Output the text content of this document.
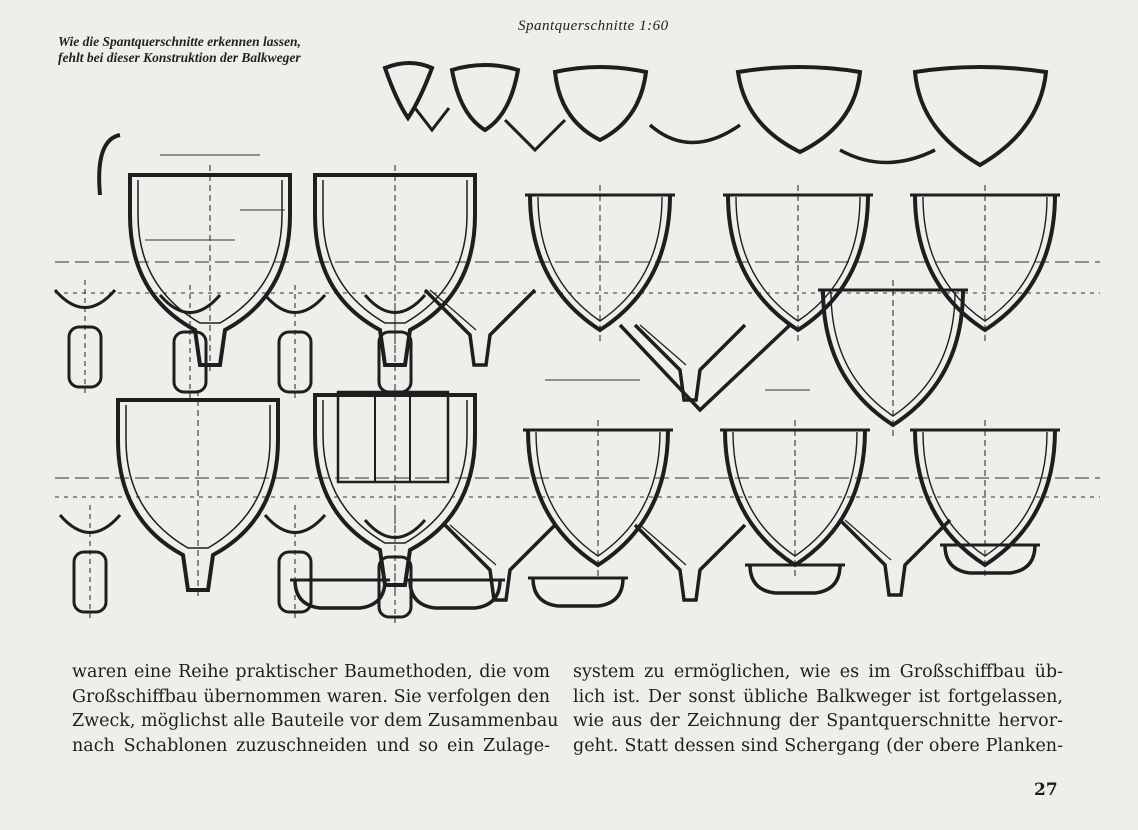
Spantquerschnitte 1:60
Wie die Spantquerschnitte erkennen lassen,
fehlt bei dieser Konstruktion der Balkweger
waren eine Reihe praktischer Baumethoden, die vom
Großschiffbau übernommen waren. Sie verfolgen den
Zweck, möglichst alle Bauteile vor dem Zusammenbau
nach Schablonen zuzuschneiden und so ein Zulage-
system zu ermöglichen, wie es im Großschiffbau üb-
lich ist. Der sonst übliche Balkweger ist fortgelassen,
wie aus der Zeichnung der Spantquerschnitte hervor-
geht. Statt dessen sind Schergang (der obere Planken-
27
